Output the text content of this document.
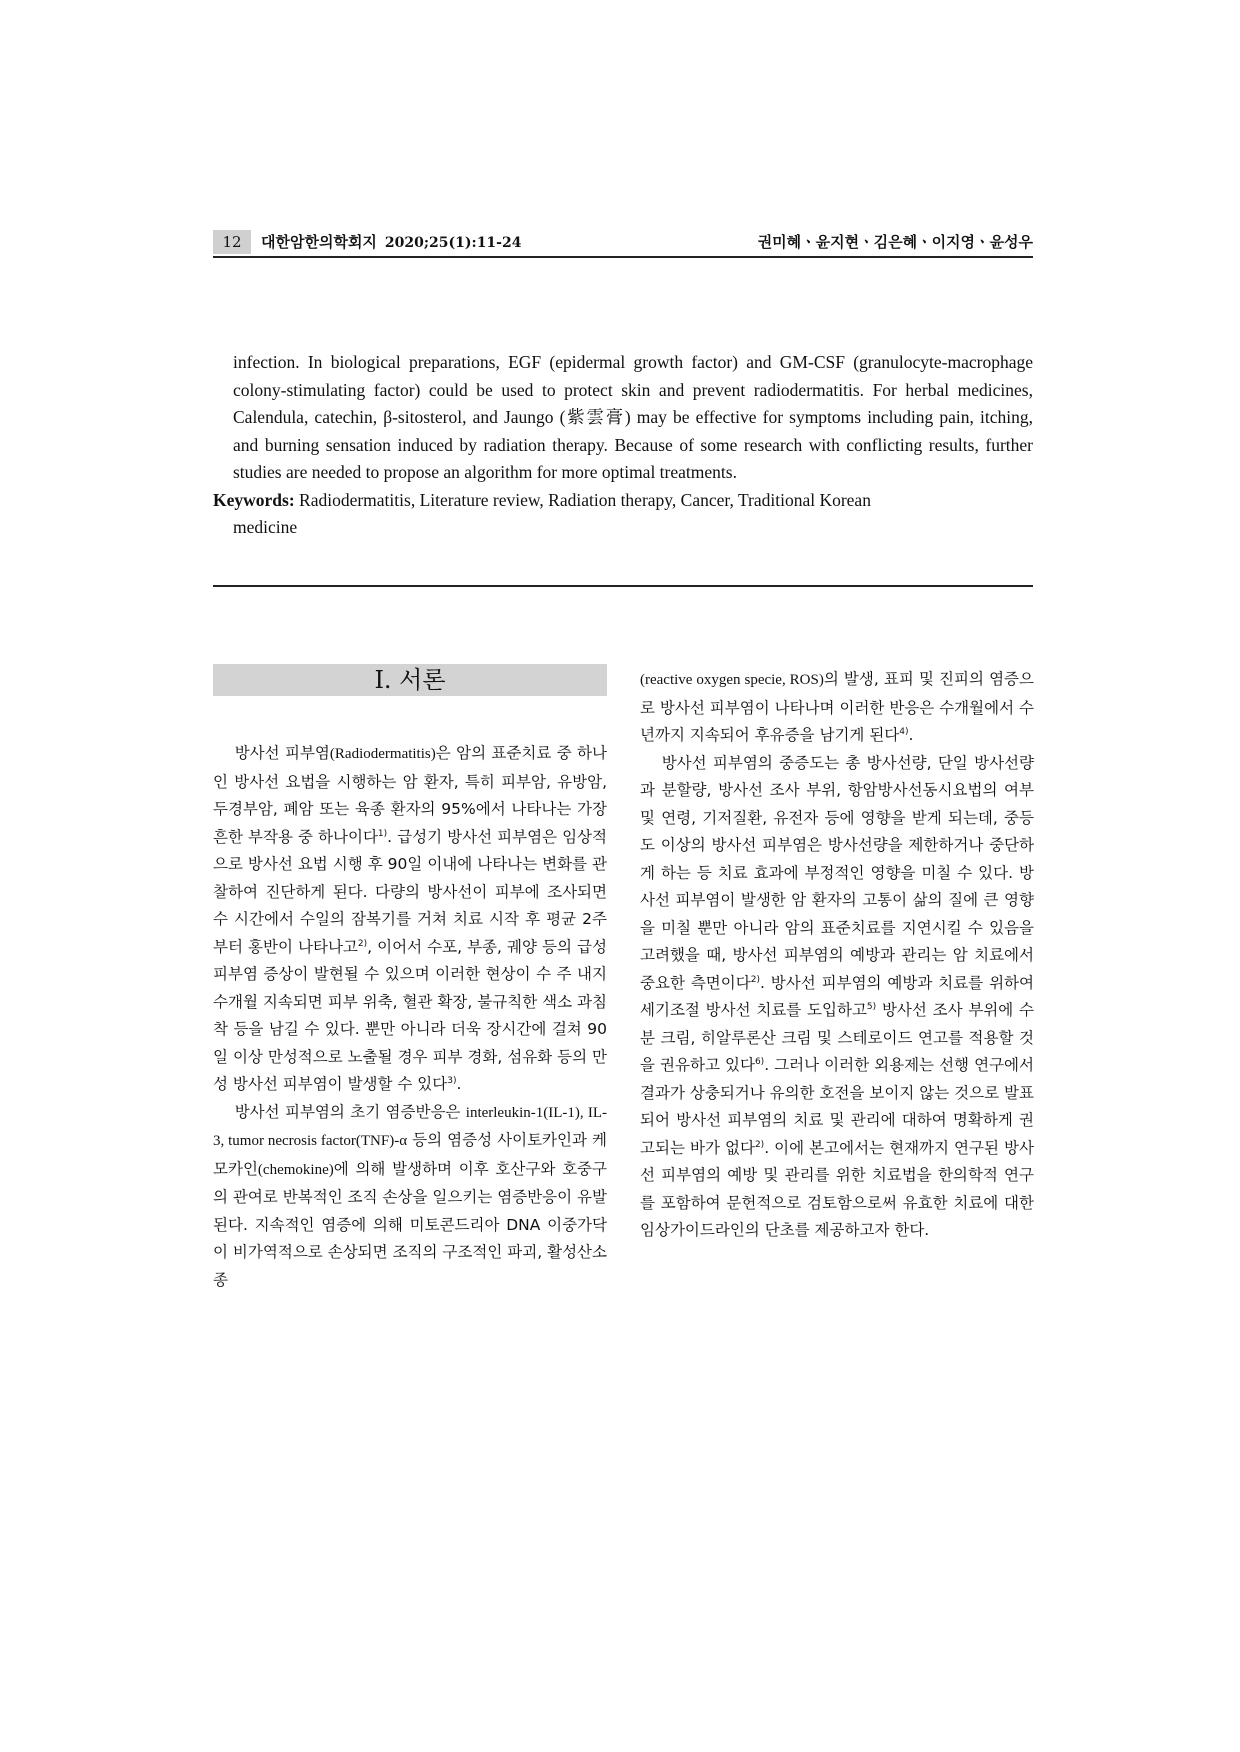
12	대한암한의학회지 2020;25(1):11-24	권미혜ㆍ윤지현ㆍ김은혜ㆍ이지영ㆍ윤성우
infection. In biological preparations, EGF (epidermal growth factor) and GM-CSF (granulocyte-macrophage colony-stimulating factor) could be used to protect skin and prevent radiodermatitis. For herbal medicines, Calendula, catechin, β-sitosterol, and Jaungo (紫雲膏) may be effective for symptoms including pain, itching, and burning sensation induced by radiation therapy. Because of some research with conflicting results, further studies are needed to propose an algorithm for more optimal treatments.
Keywords: Radiodermatitis, Literature review, Radiation therapy, Cancer, Traditional Korean
medicine
I. 서론

방사선 피부염(Radiodermatitis)은 암의 표준치료 중 하나인 방사선 요법을 시행하는 암 환자, 특히 피부암, 유방암, 두경부암, 폐암 또는 육종 환자의 95%에서 나타나는 가장 흔한 부작용 중 하나이다$^{1)}$. 급성기 방사선 피부염은 임상적으로 방사선 요법 시행 후 90일 이내에 나타나는 변화를 관찰하여 진단하게 된다. 다량의 방사선이 피부에 조사되면 수 시간에서 수일의 잠복기를 거쳐 치료 시작 후 평균 2주부터 홍반이 나타나고$^{2)}$, 이어서 수포, 부종, 궤양 등의 급성 피부염 증상이 발현될 수 있으며 이러한 현상이 수 주 내지 수개월 지속되면 피부 위축, 혈관 확장, 불규칙한 색소 과침착 등을 남길 수 있다. 뿐만 아니라 더욱 장시간에 걸쳐 90일 이상 만성적으로 노출될 경우 피부 경화, 섬유화 등의 만성 방사선 피부염이 발생할 수 있다$^{3)}$.

방사선 피부염의 초기 염증반응은 interleukin-1(IL-1), IL-3, tumor necrosis factor(TNF)-α 등의 염증성 사이토카인과 케모카인(chemokine)에 의해 발생하며 이후 호산구와 호중구의 관여로 반복적인 조직 손상을 일으키는 염증반응이 유발된다. 지속적인 염증에 의해 미토콘드리아 DNA 이중가닥이 비가역적으로 손상되면 조직의 구조적인 파괴, 활성산소종

(reactive oxygen specie, ROS)의 발생, 표피 및 진피의 염증으로 방사선 피부염이 나타나며 이러한 반응은 수개월에서 수년까지 지속되어 후유증을 남기게 된다$^{4)}$.

방사선 피부염의 중증도는 총 방사선량, 단일 방사선량과 분할량, 방사선 조사 부위, 항암방사선동시요법의 여부 및 연령, 기저질환, 유전자 등에 영향을 받게 되는데, 중등도 이상의 방사선 피부염은 방사선량을 제한하거나 중단하게 하는 등 치료 효과에 부정적인 영향을 미칠 수 있다. 방사선 피부염이 발생한 암 환자의 고통이 삶의 질에 큰 영향을 미칠 뿐만 아니라 암의 표준치료를 지연시킬 수 있음을 고려했을 때, 방사선 피부염의 예방과 관리는 암 치료에서 중요한 측면이다$^{2)}$. 방사선 피부염의 예방과 치료를 위하여 세기조절 방사선 치료를 도입하고$^{5)}$ 방사선 조사 부위에 수분 크림, 히알루론산 크림 및 스테로이드 연고를 적용할 것을 권유하고 있다$^{6)}$. 그러나 이러한 외용제는 선행 연구에서 결과가 상충되거나 유의한 호전을 보이지 않는 것으로 발표되어 방사선 피부염의 치료 및 관리에 대하여 명확하게 권고되는 바가 없다$^{2)}$. 이에 본고에서는 현재까지 연구된 방사선 피부염의 예방 및 관리를 위한 치료법을 한의학적 연구를 포함하여 문헌적으로 검토함으로써 유효한 치료에 대한 임상가이드라인의 단초를 제공하고자 한다.
